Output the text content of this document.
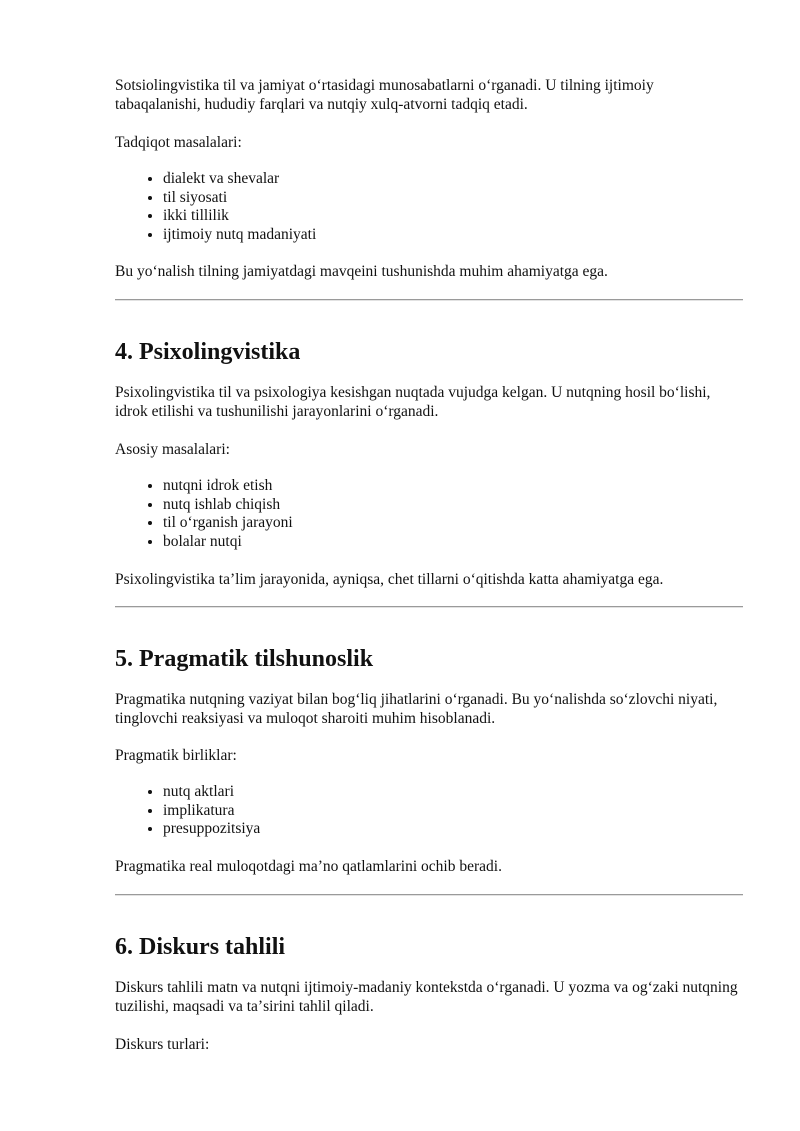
Sotsiolingvistika til va jamiyat oʻrtasidagi munosabatlarni oʻrganadi. U tilning ijtimoiy tabaqalanishi, hududiy farqlari va nutqiy xulq-atvorni tadqiq etadi.

Tadqiqot masalalari:

• dialekt va shevalar
• til siyosati
• ikki tillilik
• ijtimoiy nutq madaniyati

Bu yoʻnalish tilning jamiyatdagi mavqeini tushunishda muhim ahamiyatga ega.

4. Psixolingvistika

Psixolingvistika til va psixologiya kesishgan nuqtada vujudga kelgan. U nutqning hosil boʻlishi, idrok etilishi va tushunilishi jarayonlarini oʻrganadi.

Asosiy masalalari:

• nutqni idrok etish
• nutq ishlab chiqish
• til oʻrganish jarayoni
• bolalar nutqi

Psixolingvistika taʼlim jarayonida, ayniqsa, chet tillarni oʻqitishda katta ahamiyatga ega.

5. Pragmatik tilshunoslik

Pragmatika nutqning vaziyat bilan bogʻliq jihatlarini oʻrganadi. Bu yoʻnalishda soʻzlovchi niyati, tinglovchi reaksiyasi va muloqot sharoiti muhim hisoblanadi.

Pragmatik birliklar:

• nutq aktlari
• implikatura
• presuppozitsiya

Pragmatika real muloqotdagi maʼno qatlamlarini ochib beradi.

6. Diskurs tahlili

Diskurs tahlili matn va nutqni ijtimoiy-madaniy kontekstda oʻrganadi. U yozma va ogʻzaki nutqning tuzilishi, maqsadi va taʼsirini tahlil qiladi.

Diskurs turlari:
